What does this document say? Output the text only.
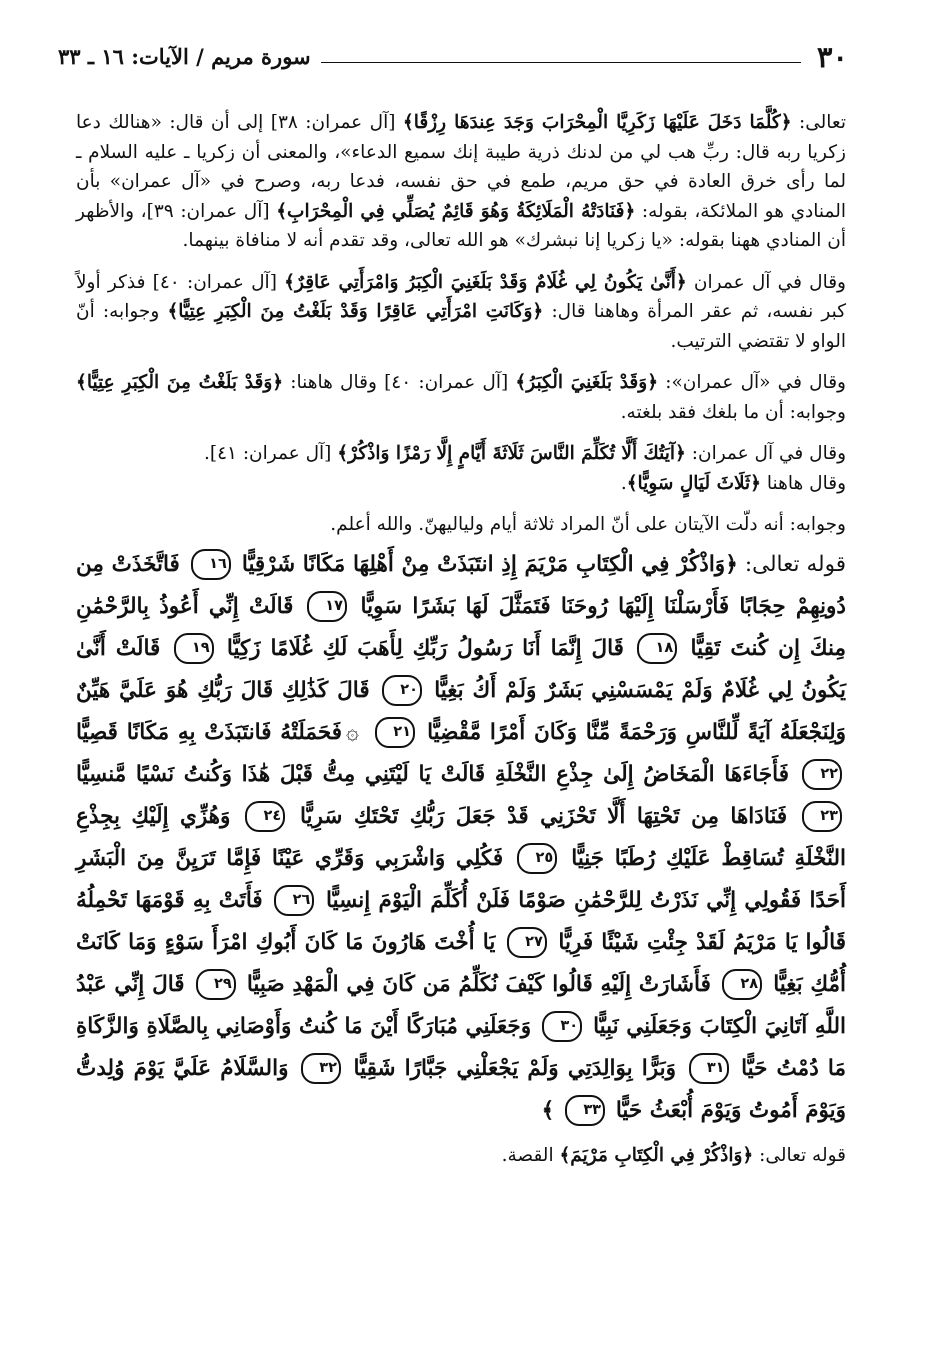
٣٠
سورة مريم / الآيات: ١٦ ـ ٣٣

تعالى: ﴿كُلَّمَا دَخَلَ عَلَيْهَا زَكَرِيَّا الْمِحْرَابَ وَجَدَ عِندَهَا رِزْقًا﴾ [آل عمران: ٣٨] إلى أن قال: «هنالك دعا زكريا ربه قال: ربِّ هب لي من لدنك ذرية طيبة إنك سميع الدعاء»، والمعنى أن زكريا ـ عليه السلام ـ لما رأى خرق العادة في حق مريم، طمع في حق نفسه، فدعا ربه، وصرح في «آل عمران» بأن المنادي هو الملائكة، بقوله: ﴿فَنَادَتْهُ الْمَلَائِكَةُ وَهُوَ قَائِمٌ يُصَلِّي فِي الْمِحْرَابِ﴾ [آل عمران: ٣٩]، والأظهر أن المنادي ههنا بقوله: «يا زكريا إنا نبشرك» هو الله تعالى، وقد تقدم أنه لا منافاة بينهما.

وقال في آل عمران ﴿أَنَّىٰ يَكُونُ لِي غُلَامٌ وَقَدْ بَلَغَنِيَ الْكِبَرُ وَامْرَأَتِي عَاقِرٌ﴾ [آل عمران: ٤٠] فذكر أولاً كبر نفسه، ثم عقر المرأة وهاهنا قال: ﴿وَكَانَتِ امْرَأَتِي عَاقِرًا وَقَدْ بَلَغْتُ مِنَ الْكِبَرِ عِتِيًّا﴾ وجوابه: أنّ الواو لا تقتضي الترتيب.

وقال في «آل عمران»: ﴿وَقَدْ بَلَغَنِيَ الْكِبَرُ﴾ [آل عمران: ٤٠] وقال هاهنا: ﴿وَقَدْ بَلَغْتُ مِنَ الْكِبَرِ عِتِيًّا﴾ وجوابه: أن ما بلغك فقد بلغته.

وقال في آل عمران: ﴿آيَتُكَ أَلَّا تُكَلِّمَ النَّاسَ ثَلَاثَةَ أَيَّامٍ إِلَّا رَمْزًا وَاذْكُرْ﴾ [آل عمران: ٤١].

وقال هاهنا ﴿ثَلَاثَ لَيَالٍ سَوِيًّا﴾.

وجوابه: أنه دلّت الآيتان على أنّ المراد ثلاثة أيام ولياليهنّ. والله أعلم.

قوله تعالى: ﴿وَاذْكُرْ فِي الْكِتَابِ مَرْيَمَ إِذِ انتَبَذَتْ مِنْ أَهْلِهَا مَكَانًا شَرْقِيًّا ١٦ فَاتَّخَذَتْ مِن دُونِهِمْ حِجَابًا فَأَرْسَلْنَا إِلَيْهَا رُوحَنَا فَتَمَثَّلَ لَهَا بَشَرًا سَوِيًّا ١٧ قَالَتْ إِنِّي أَعُوذُ بِالرَّحْمَٰنِ مِنكَ إِن كُنتَ تَقِيًّا ١٨ قَالَ إِنَّمَا أَنَا رَسُولُ رَبِّكِ لِأَهَبَ لَكِ غُلَامًا زَكِيًّا ١٩ قَالَتْ أَنَّىٰ يَكُونُ لِي غُلَامٌ وَلَمْ يَمْسَسْنِي بَشَرٌ وَلَمْ أَكُ بَغِيًّا ٢٠ قَالَ كَذَٰلِكِ قَالَ رَبُّكِ هُوَ عَلَيَّ هَيِّنٌ وَلِنَجْعَلَهُ آيَةً لِّلنَّاسِ وَرَحْمَةً مِّنَّا وَكَانَ أَمْرًا مَّقْضِيًّا ٢١ ۞فَحَمَلَتْهُ فَانتَبَذَتْ بِهِ مَكَانًا قَصِيًّا ٢٢ فَأَجَاءَهَا الْمَخَاضُ إِلَىٰ جِذْعِ النَّخْلَةِ قَالَتْ يَا لَيْتَنِي مِتُّ قَبْلَ هَٰذَا وَكُنتُ نَسْيًا مَّنسِيًّا ٢٣ فَنَادَاهَا مِن تَحْتِهَا أَلَّا تَحْزَنِي قَدْ جَعَلَ رَبُّكِ تَحْتَكِ سَرِيًّا ٢٤ وَهُزِّي إِلَيْكِ بِجِذْعِ النَّخْلَةِ تُسَاقِطْ عَلَيْكِ رُطَبًا جَنِيًّا ٢٥ فَكُلِي وَاشْرَبِي وَقَرِّي عَيْنًا فَإِمَّا تَرَيِنَّ مِنَ الْبَشَرِ أَحَدًا فَقُولِي إِنِّي نَذَرْتُ لِلرَّحْمَٰنِ صَوْمًا فَلَنْ أُكَلِّمَ الْيَوْمَ إِنسِيًّا ٢٦ فَأَتَتْ بِهِ قَوْمَهَا تَحْمِلُهُ قَالُوا يَا مَرْيَمُ لَقَدْ جِئْتِ شَيْئًا فَرِيًّا ٢٧ يَا أُخْتَ هَارُونَ مَا كَانَ أَبُوكِ امْرَأَ سَوْءٍ وَمَا كَانَتْ أُمُّكِ بَغِيًّا ٢٨ فَأَشَارَتْ إِلَيْهِ قَالُوا كَيْفَ نُكَلِّمُ مَن كَانَ فِي الْمَهْدِ صَبِيًّا ٢٩ قَالَ إِنِّي عَبْدُ اللَّهِ آتَانِيَ الْكِتَابَ وَجَعَلَنِي نَبِيًّا ٣٠ وَجَعَلَنِي مُبَارَكًا أَيْنَ مَا كُنتُ وَأَوْصَانِي بِالصَّلَاةِ وَالزَّكَاةِ مَا دُمْتُ حَيًّا ٣١ وَبَرًّا بِوَالِدَتِي وَلَمْ يَجْعَلْنِي جَبَّارًا شَقِيًّا ٣٢ وَالسَّلَامُ عَلَيَّ يَوْمَ وُلِدتُّ وَيَوْمَ أَمُوتُ وَيَوْمَ أُبْعَثُ حَيًّا ٣٣ ﴾

قوله تعالى: ﴿وَاذْكُرْ فِي الْكِتَابِ مَرْيَمَ﴾ القصة.
